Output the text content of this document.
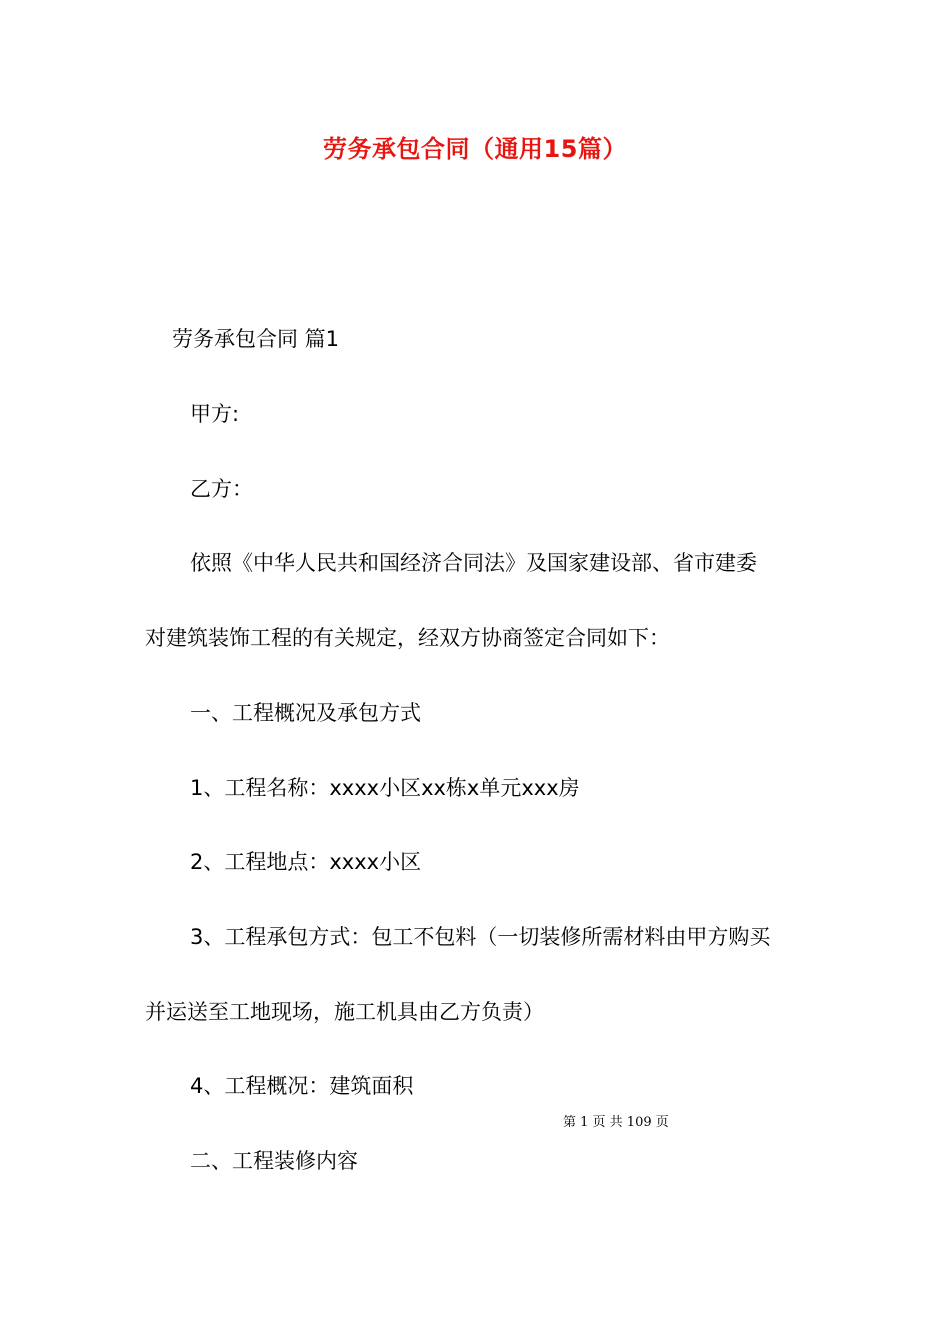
劳务承包合同（通用15篇）
劳务承包合同 篇1
甲方:
乙方：
依照《中华人民共和国经济合同法》及国家建设部、省市建委
对建筑装饰工程的有关规定，经双方协商签定合同如下：
一、工程概况及承包方式
1、工程名称：xxxx小区xx栋x单元xxx房
2、工程地点：xxxx小区
3、工程承包方式：包工不包料（一切装修所需材料由甲方购买
并运送至工地现场，施工机具由乙方负责）
4、工程概况：建筑面积
第 1 页 共 109 页
二、工程装修内容
